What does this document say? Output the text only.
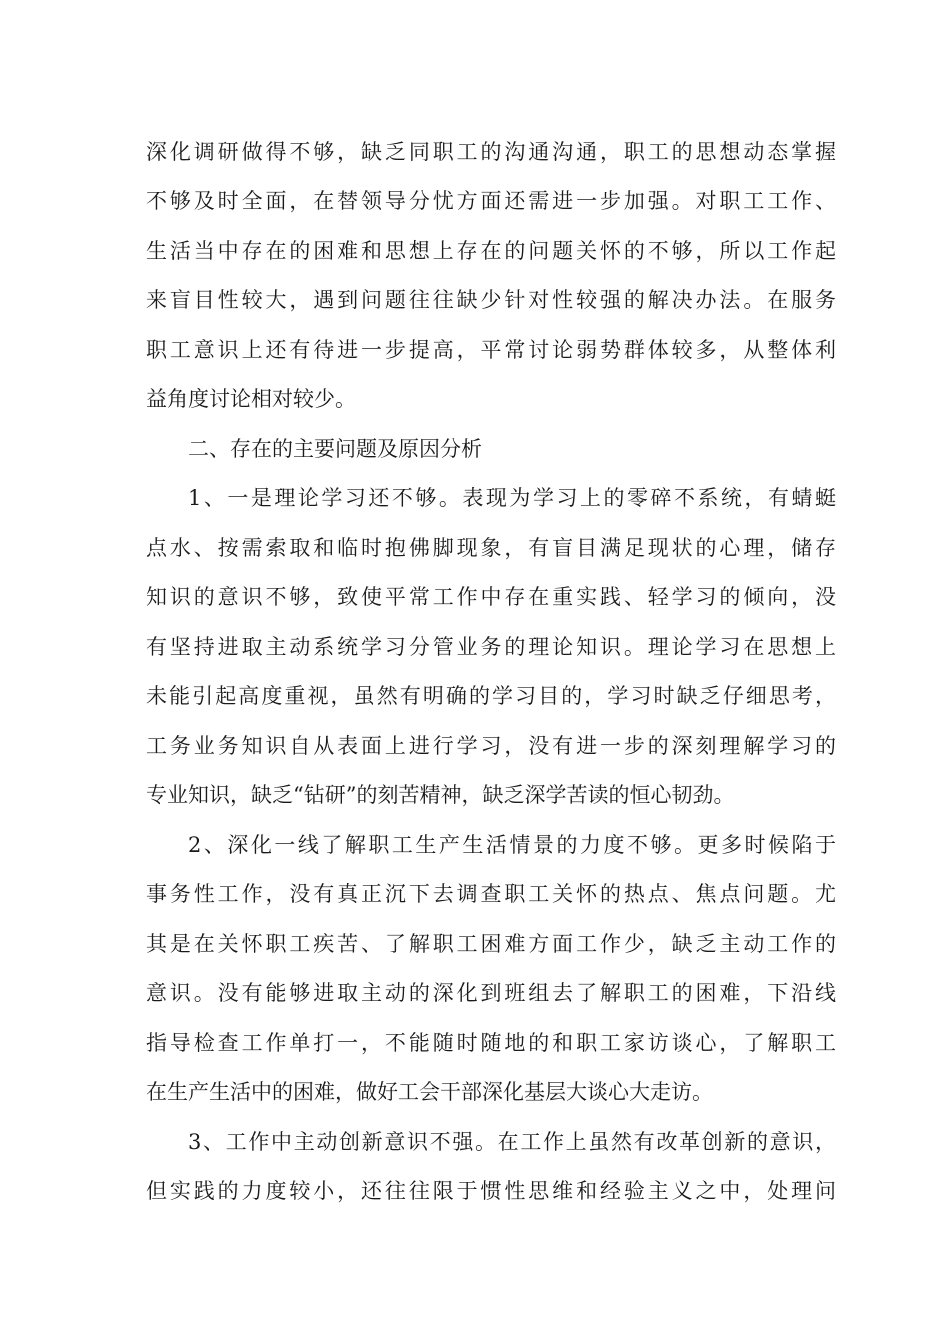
深化调研做得不够，缺乏同职工的沟通沟通，职工的思想动态掌握
不够及时全面，在替领导分忧方面还需进一步加强。对职工工作、
生活当中存在的困难和思想上存在的问题关怀的不够，所以工作起
来盲目性较大，遇到问题往往缺少针对性较强的解决办法。在服务
职工意识上还有待进一步提高，平常讨论弱势群体较多，从整体利
益角度讨论相对较少。
二、存在的主要问题及原因分析
1、一是理论学习还不够。表现为学习上的零碎不系统，有蜻蜓
点水、按需索取和临时抱佛脚现象，有盲目满足现状的心理，储存
知识的意识不够，致使平常工作中存在重实践、轻学习的倾向，没
有坚持进取主动系统学习分管业务的理论知识。理论学习在思想上
未能引起高度重视，虽然有明确的学习目的，学习时缺乏仔细思考，
工务业务知识自从表面上进行学习，没有进一步的深刻理解学习的
专业知识，缺乏“钻研”的刻苦精神，缺乏深学苦读的恒心韧劲。
2、深化一线了解职工生产生活情景的力度不够。更多时候陷于
事务性工作，没有真正沉下去调查职工关怀的热点、焦点问题。尤
其是在关怀职工疾苦、了解职工困难方面工作少，缺乏主动工作的
意识。没有能够进取主动的深化到班组去了解职工的困难，下沿线
指导检查工作单打一，不能随时随地的和职工家访谈心，了解职工
在生产生活中的困难，做好工会干部深化基层大谈心大走访。
3、工作中主动创新意识不强。在工作上虽然有改革创新的意识，
但实践的力度较小，还往往限于惯性思维和经验主义之中，处理问
